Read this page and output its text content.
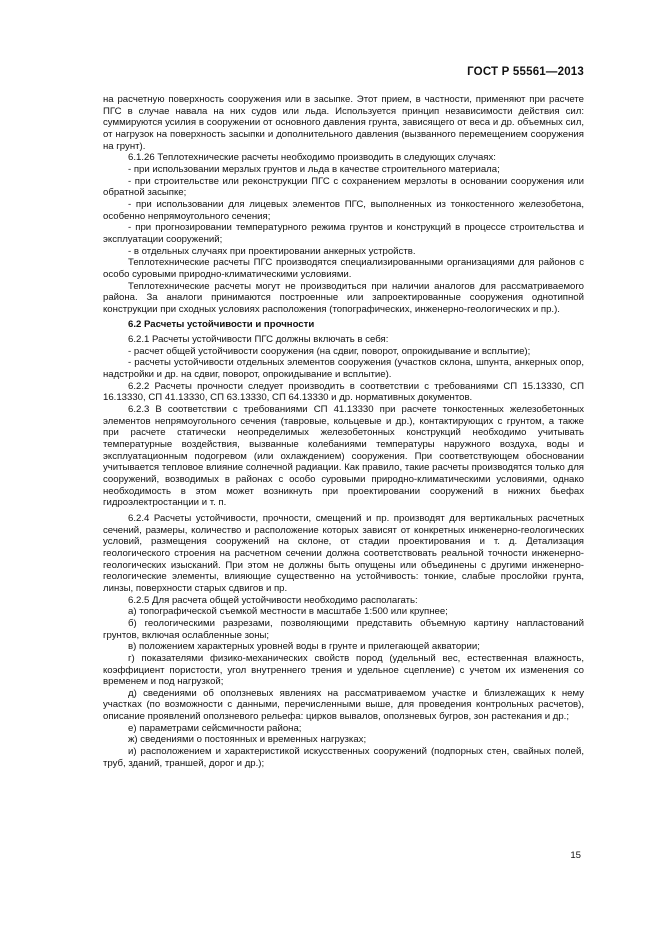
ГОСТ Р 55561—2013

на расчетную поверхность сооружения или в засыпке. Этот прием, в частности, применяют при расчете ПГС в случае навала на них судов или льда. Используется принцип независимости действия сил: суммируются усилия в сооружении от основного давления грунта, зависящего от веса и др. объемных сил, от нагрузок на поверхность засыпки и дополнительного давления (вызванного перемещением сооружения на грунт).

6.1.26 Теплотехнические расчеты необходимо производить в следующих случаях:

- при использовании мерзлых грунтов и льда в качестве строительного материала;

- при строительстве или реконструкции ПГС с сохранением мерзлоты в основании сооружения или обратной засыпке;

- при использовании для лицевых элементов ПГС, выполненных из тонкостенного железобетона, особенно непрямоугольного сечения;

- при прогнозировании температурного режима грунтов и конструкций в процессе строительства и эксплуатации сооружений;

- в отдельных случаях при проектировании анкерных устройств.

Теплотехнические расчеты ПГС производятся специализированными организациями для районов с особо суровыми природно-климатическими условиями.

Теплотехнические расчеты могут не производиться при наличии аналогов для рассматриваемого района. За аналоги принимаются построенные или запроектированные сооружения однотипной конструкции при сходных условиях расположения (топографических, инженерно-геологических и пр.).

6.2 Расчеты устойчивости и прочности

6.2.1 Расчеты устойчивости ПГС должны включать в себя:

- расчет общей устойчивости сооружения (на сдвиг, поворот, опрокидывание и всплытие);

- расчеты устойчивости отдельных элементов сооружения (участков склона, шпунта, анкерных опор, надстройки и др. на сдвиг, поворот, опрокидывание и всплытие).

6.2.2 Расчеты прочности следует производить в соответствии с требованиями СП 15.13330, СП 16.13330, СП 41.13330, СП 63.13330, СП 64.13330 и др. нормативных документов.

6.2.3 В соответствии с требованиями СП 41.13330 при расчете тонкостенных железобетонных элементов непрямоугольного сечения (тавровые, кольцевые и др.), контактирующих с грунтом, а также при расчете статически неопределимых железобетонных конструкций необходимо учитывать температурные воздействия, вызванные колебаниями температуры наружного воздуха, воды и эксплуатационным подогревом (или охлаждением) сооружения. При соответствующем обосновании учитывается тепловое влияние солнечной радиации. Как правило, такие расчеты производятся только для сооружений, возводимых в районах с особо суровыми природно-климатическими условиями, однако необходимость в этом может возникнуть при проектировании сооружений в нижних бьефах гидроэлектростанции и т. п.

6.2.4 Расчеты устойчивости, прочности, смещений и пр. производят для вертикальных расчетных сечений, размеры, количество и расположение которых зависят от конкретных инженерно-геологических условий, размещения сооружений на склоне, от стадии проектирования и т. д. Детализация геологического строения на расчетном сечении должна соответствовать реальной точности инженерно-геологических изысканий. При этом не должны быть опущены или объединены с другими инженерно-геологические элементы, влияющие существенно на устойчивость: тонкие, слабые прослойки грунта, линзы, поверхности старых сдвигов и пр.

6.2.5 Для расчета общей устойчивости необходимо располагать:

а) топографической съемкой местности в масштабе 1:500 или крупнее;

б) геологическими разрезами, позволяющими представить объемную картину напластований грунтов, включая ослабленные зоны;

в) положением характерных уровней воды в грунте и прилегающей акватории;

г) показателями физико-механических свойств пород (удельный вес, естественная влажность, коэффициент пористости, угол внутреннего трения и удельное сцепление) с учетом их изменения со временем и под нагрузкой;

д) сведениями об оползневых явлениях на рассматриваемом участке и близлежащих к нему участках (по возможности с данными, перечисленными выше, для проведения контрольных расчетов), описание проявлений оползневого рельефа: цирков вывалов, оползневых бугров, зон растекания и др.;

е) параметрами сейсмичности района;

ж) сведениями о постоянных и временных нагрузках;

и) расположением и характеристикой искусственных сооружений (подпорных стен, свайных полей, труб, зданий, траншей, дорог и др.);

15
